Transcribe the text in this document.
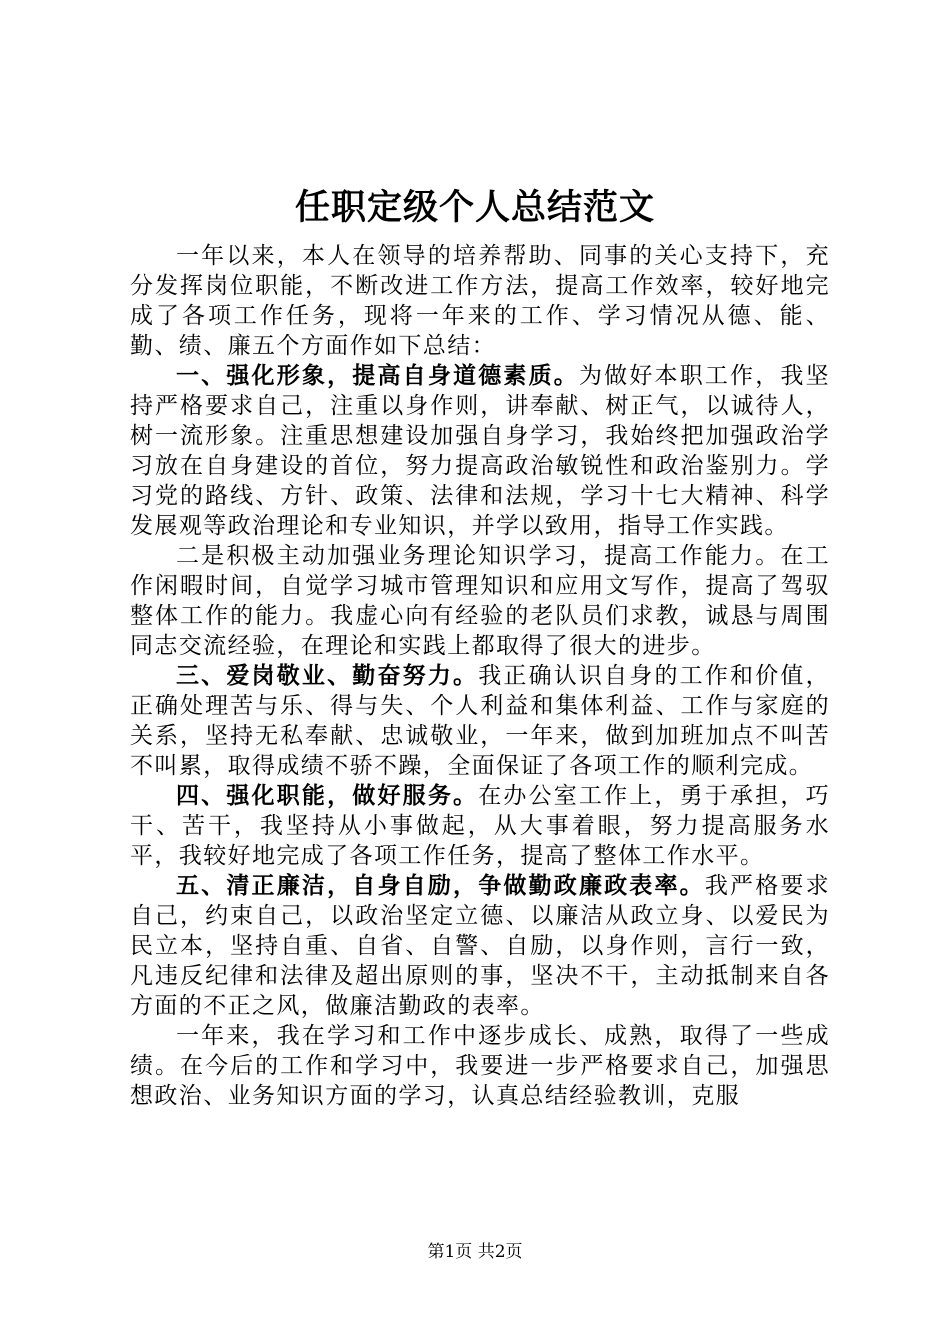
任职定级个人总结范文

一年以来，本人在领导的培养帮助、同事的关心支持下，充分发挥岗位职能，不断改进工作方法，提高工作效率，较好地完成了各项工作任务，现将一年来的工作、学习情况从德、能、勤、绩、廉五个方面作如下总结：

一、强化形象，提高自身道德素质。为做好本职工作，我坚持严格要求自己，注重以身作则，讲奉献、树正气，以诚待人，树一流形象。注重思想建设加强自身学习，我始终把加强政治学习放在自身建设的首位，努力提高政治敏锐性和政治鉴别力。学习党的路线、方针、政策、法律和法规，学习十七大精神、科学发展观等政治理论和专业知识，并学以致用，指导工作实践。

二是积极主动加强业务理论知识学习，提高工作能力。在工作闲暇时间，自觉学习城市管理知识和应用文写作，提高了驾驭整体工作的能力。我虚心向有经验的老队员们求教，诚恳与周围同志交流经验，在理论和实践上都取得了很大的进步。

三、爱岗敬业、勤奋努力。我正确认识自身的工作和价值，正确处理苦与乐、得与失、个人利益和集体利益、工作与家庭的关系，坚持无私奉献、忠诚敬业，一年来，做到加班加点不叫苦不叫累，取得成绩不骄不躁，全面保证了各项工作的顺利完成。

四、强化职能，做好服务。在办公室工作上，勇于承担，巧干、苦干，我坚持从小事做起，从大事着眼，努力提高服务水平，我较好地完成了各项工作任务，提高了整体工作水平。

五、清正廉洁，自身自励，争做勤政廉政表率。我严格要求自己，约束自己，以政治坚定立德、以廉洁从政立身、以爱民为民立本，坚持自重、自省、自警、自励，以身作则，言行一致，凡违反纪律和法律及超出原则的事，坚决不干，主动抵制来自各方面的不正之风，做廉洁勤政的表率。

一年来，我在学习和工作中逐步成长、成熟，取得了一些成绩。在今后的工作和学习中，我要进一步严格要求自己，加强思想政治、业务知识方面的学习，认真总结经验教训，克服

第1页 共2页
